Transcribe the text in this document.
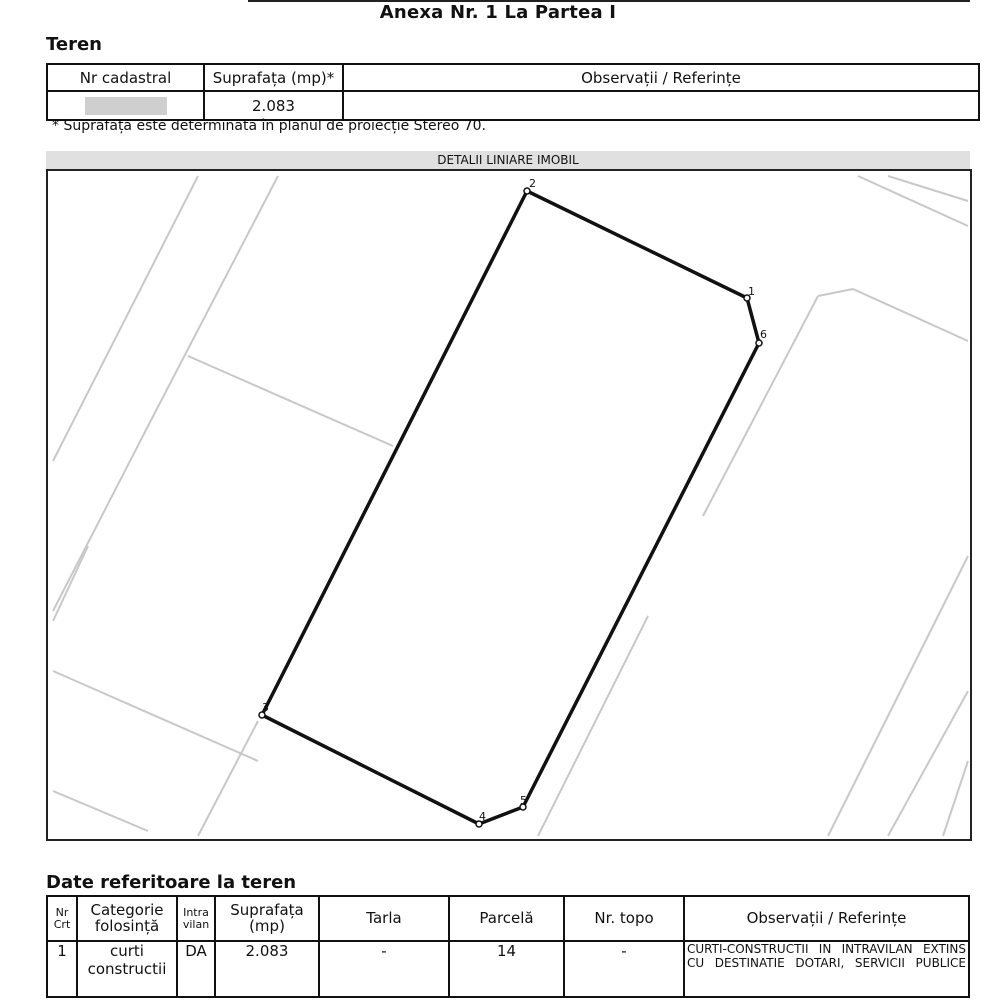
Anexa Nr. 1 La Partea I
Teren
Nr cadastral	Suprafața (mp)*	Observații / Referințe
	2.083	
* Suprafața este determinată în planul de proiecție Stereo 70.
DETALII LINIARE IMOBIL
1
2
3
4
5
6
Date referitoare la teren
Nr Crt	Categorie folosință	Intra vilan	Suprafața (mp)	Tarla	Parcelă	Nr. topo	Observații / Referințe
1	curti constructii	DA	2.083	-	14	-	CURTI-CONSTRUCTII IN INTRAVILAN EXTINS CU DESTINATIE DOTARI, SERVICII PUBLICE
